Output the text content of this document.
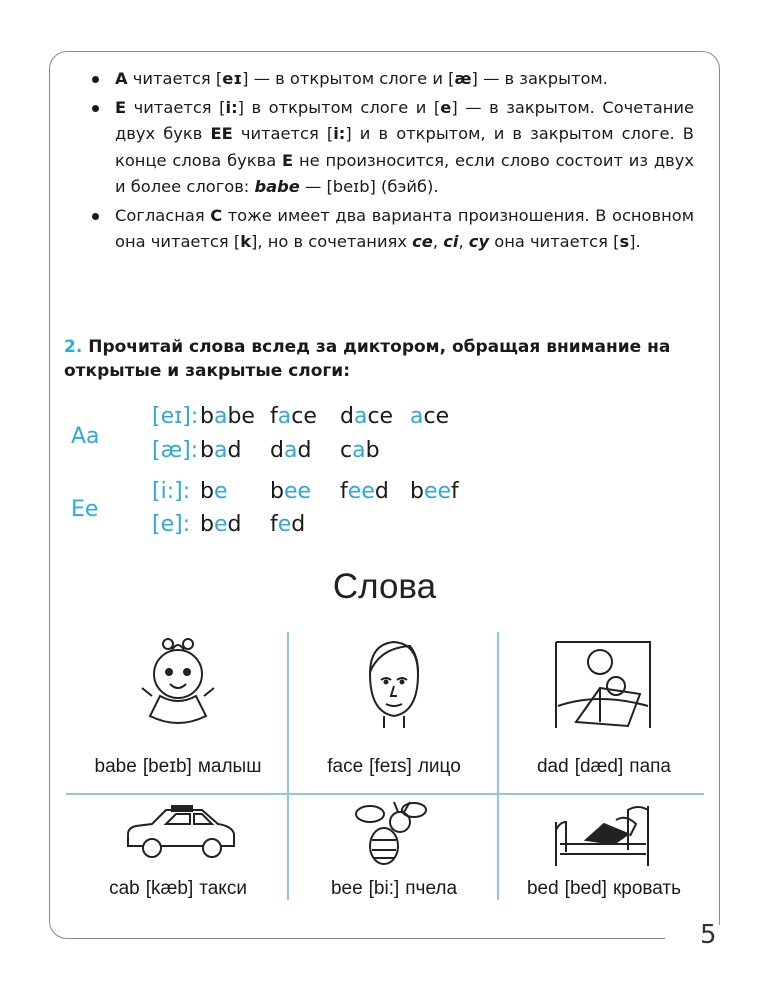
5
A читается [eɪ] — в открытом слоге и [æ] — в закрытом.
E читается [i:] в открытом слоге и [e] — в закрытом. Сочетание двух букв EE читается [i:] и в открытом, и в закрытом слоге. В конце слова буква E не произносится, если слово состоит из двух и более слогов: babe — [beɪb] (бэйб).
Согласная C тоже имеет два варианта произношения. В основном она читается [k], но в сочетаниях ce, ci, cy она читается [s].
2. Прочитай слова вслед за диктором, обращая внимание на открытые и закрытые слоги:
Aa
Ee
[eɪ]:babe face dace ace
[æ]:bad dad cab
[i:]: be bee feed beef
[e]: bed fed
Слова
babe [beɪb] малыш	face [feɪs] лицо	dad [dæd] папа
cab [kæb] такси	bee [bi:] пчела	bed [bed] кровать
